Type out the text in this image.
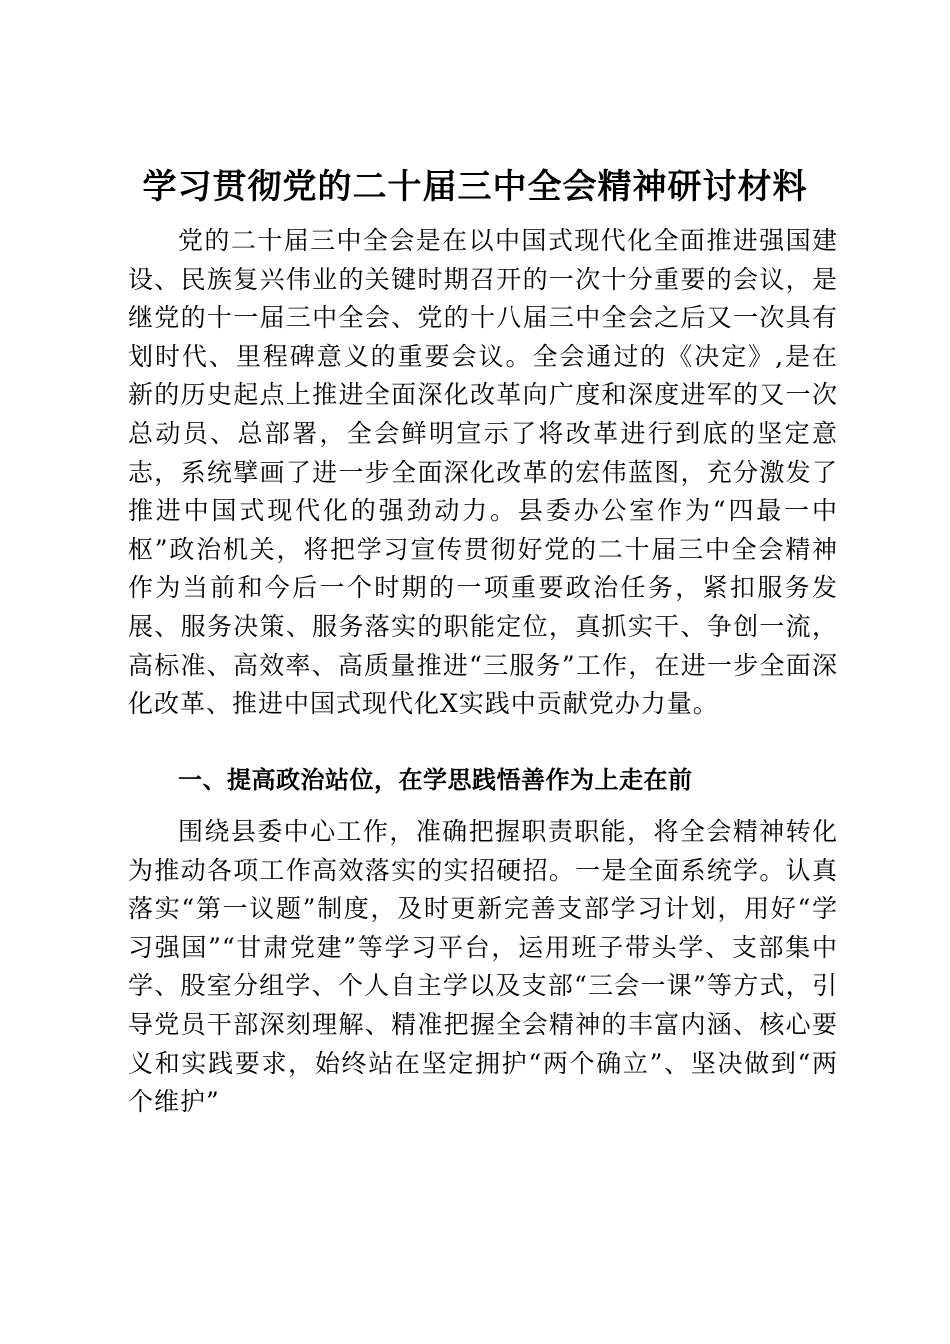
学习贯彻党的二十届三中全会精神研讨材料

党的二十届三中全会是在以中国式现代化全面推进强国建设、民族复兴伟业的关键时期召开的一次十分重要的会议，是继党的十一届三中全会、党的十八届三中全会之后又一次具有划时代、里程碑意义的重要会议。全会通过的《决定》,是在新的历史起点上推进全面深化改革向广度和深度进军的又一次总动员、总部署，全会鲜明宣示了将改革进行到底的坚定意志，系统擘画了进一步全面深化改革的宏伟蓝图，充分激发了推进中国式现代化的强劲动力。县委办公室作为“四最一中枢”政治机关，将把学习宣传贯彻好党的二十届三中全会精神作为当前和今后一个时期的一项重要政治任务，紧扣服务发展、服务决策、服务落实的职能定位，真抓实干、争创一流，高标准、高效率、高质量推进“三服务”工作，在进一步全面深化改革、推进中国式现代化X实践中贡献党办力量。

一、提高政治站位，在学思践悟善作为上走在前

围绕县委中心工作，准确把握职责职能，将全会精神转化为推动各项工作高效落实的实招硬招。一是全面系统学。认真落实“第一议题”制度，及时更新完善支部学习计划，用好“学习强国”“甘肃党建”等学习平台，运用班子带头学、支部集中学、股室分组学、个人自主学以及支部“三会一课”等方式，引导党员干部深刻理解、精准把握全会精神的丰富内涵、核心要义和实践要求，始终站在坚定拥护“两个确立”、坚决做到“两个维护”
